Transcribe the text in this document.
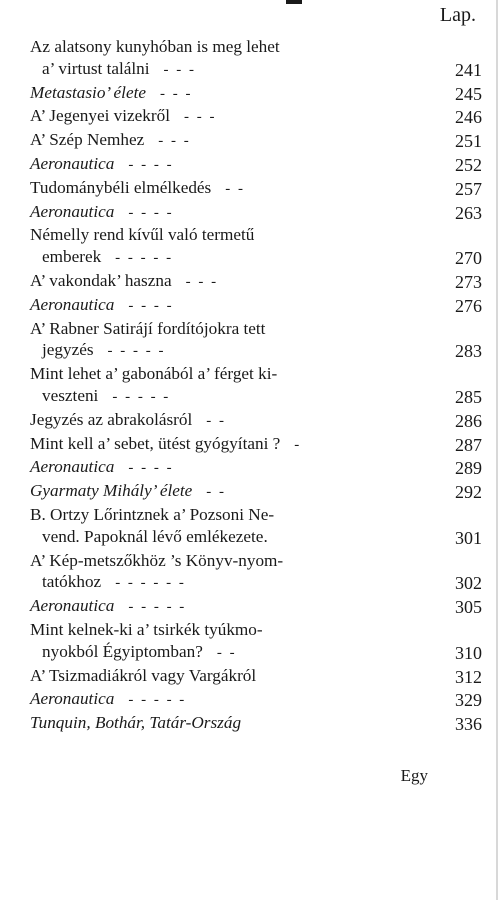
Lap.
Az alatsony kunyhóban is meg lehet
a’ virtust találni - - -	241
Metastasio’ élete - - -	245
A’ Jegenyei vizekről - - -	246
A’ Szép Nemhez - - -	251
Aeronautica - - - -	252
Tudománybéli elmélkedés - -	257
Aeronautica - - - -	263
Némelly rend kívűl való termetű
emberek - - - - -	270
A’ vakondak’ haszna - - -	273
Aeronautica - - - -	276
A’ Rabner Satirájí fordítójokra tett
jegyzés - - - - -	283
Mint lehet a’ gabonából a’ férget ki-
veszteni - - - - -	285
Jegyzés az abrakolásról - -	286
Mint kell a’ sebet, ütést gyógyítani ? -	287
Aeronautica - - - -	289
Gyarmaty Mihály’ élete - -	292
B. Ortzy Lőrintznek a’ Pozsoni Ne-
vend. Papoknál lévő emlékezete.	301
A’ Kép-metszőkhöz ’s Könyv-nyom-
tatókhoz - - - - - -	302
Aeronautica - - - - -	305
Mint kelnek-ki a’ tsirkék tyúkmo-
nyokból Égyiptomban? - -	310
A’ Tsizmadiákról vagy Vargákról	312
Aeronautica - - - - -	329
Tunquin, Bothár, Tatár-Ország	336
Egy
